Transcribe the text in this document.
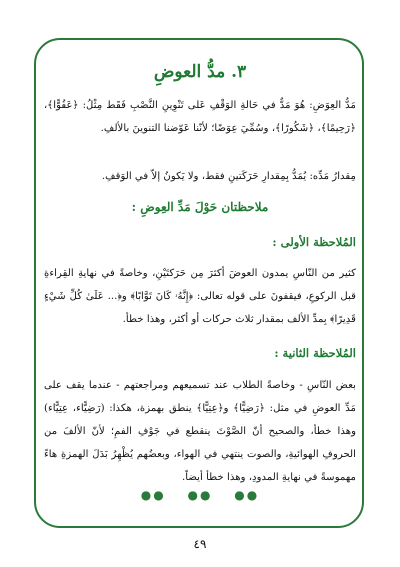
٣. مدُّ العوضِ
مَدُّ العِوَضِ: هُوَ مَدٌّ في حَالةِ الوَقْفِ عَلى تَنْوِينِ النَّصْبِ فَقَط مِثْلُ: ﴿عَفُوًّا﴾، ﴿رَحِيمًا﴾، ﴿شَكُورًا﴾، وسُمِّيَ عِوَضًا؛ لأنّنا عَوّضنا التنوينَ بالألفِ.
مِقدارُ مَدِّه: يُمَدُّ بِمِقدارِ حَرَكَتينِ فقط، ولا يَكونُ إلاّ في الوَقفِ.
ملاحظتان حَوْلَ مَدِّ العِوضِ :
المُلاحظة الأولى :
كثير من النّاسِ يمدون العوضَ أكثرَ مِن حَرَكتَيْنِ، وخاصةً في نهايةِ القِراءةِ قبل الركوعِ، فيقفونَ على قوله تعالى: ﴿إِنَّهُۥ كَانَ تَوَّابًا﴾ و﴿... عَلَىٰ كُلِّ شَيْءٍ قَدِيرًا﴾ بِمدِّ الألف بمقدار ثلاث حركات أو أكثر، وهذا خطأ.
المُلاحظة الثانية :
بعض النّاسِ - وخاصةً الطلاب عند تسميعهم ومراجعتهم - عندما يقف على مَدِّ العوضِ في مثل: ﴿رَضِيًّا﴾ و﴿عِتِيًّا﴾ ينطق بهمزة، هكذا: (رَضِيًّاء، عِتِيًّاء) وهذا خطأ، والصحيح أنّ الصَّوْتَ ينقطع في جَوْفِ الفمِ؛ لأنّ الألفَ من الحروفِ الهوائيةِ، والصوت ينتهي في الهواء، وبعضُهم يُظْهِرُ بَدَلَ الهمزةِ هاءً مهموسةً في نهايةِ المدودِ، وهذا خطأ أيضاً.
●● ●● ●●
٤٩
